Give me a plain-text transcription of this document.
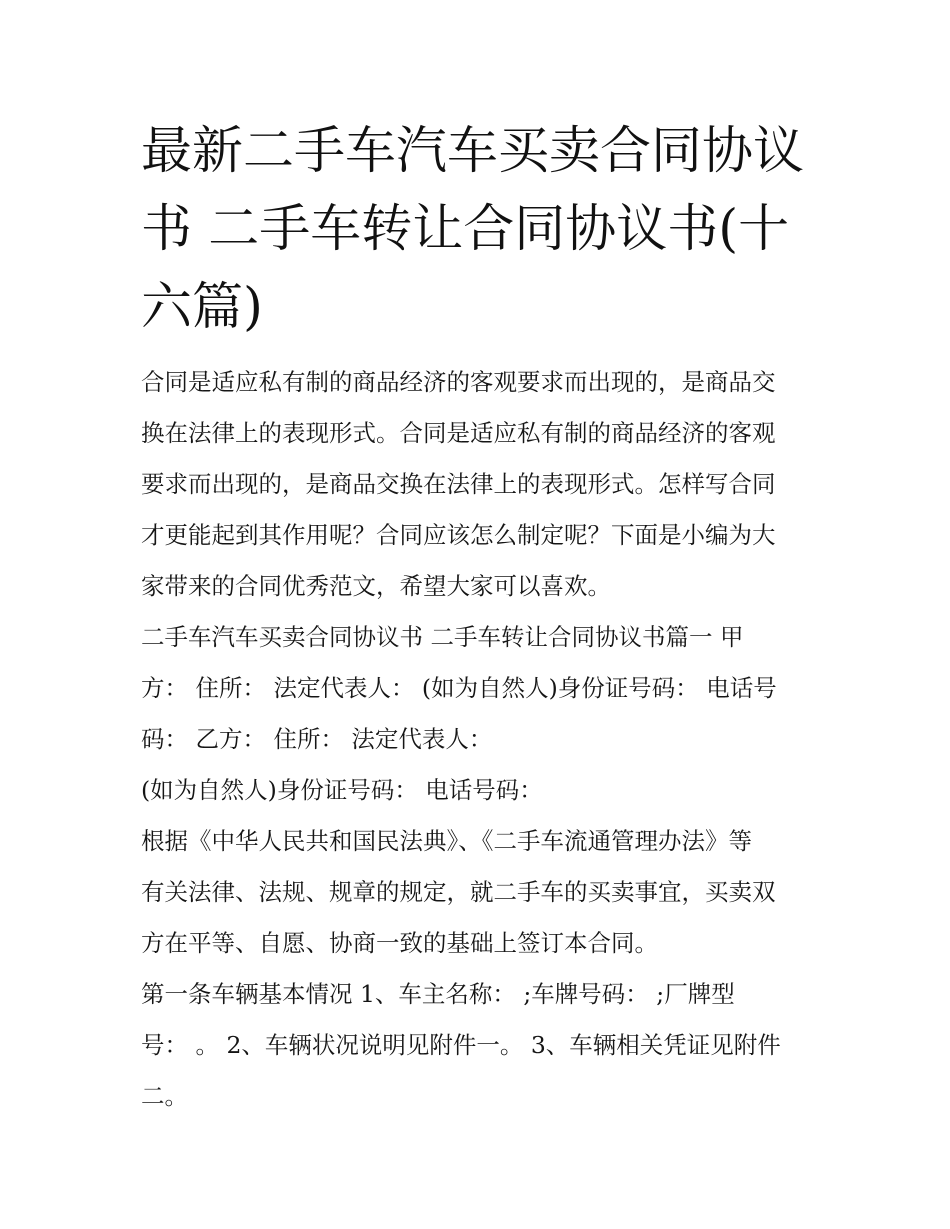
最新二手车汽车买卖合同协议
书 二手车转让合同协议书(十
六篇)
合同是适应私有制的商品经济的客观要求而出现的，是商品交
换在法律上的表现形式。合同是适应私有制的商品经济的客观
要求而出现的，是商品交换在法律上的表现形式。怎样写合同
才更能起到其作用呢？合同应该怎么制定呢？下面是小编为大
家带来的合同优秀范文，希望大家可以喜欢。
二手车汽车买卖合同协议书 二手车转让合同协议书篇一 甲
方： 住所： 法定代表人： (如为自然人)身份证号码： 电话号
码： 乙方： 住所： 法定代表人：
(如为自然人)身份证号码： 电话号码：
根据《中华人民共和国民法典》、《二手车流通管理办法》等
有关法律、法规、规章的规定，就二手车的买卖事宜，买卖双
方在平等、自愿、协商一致的基础上签订本合同。
第一条车辆基本情况 1、车主名称： ;车牌号码： ;厂牌型
号： 。 2、车辆状况说明见附件一。 3、车辆相关凭证见附件
二。
